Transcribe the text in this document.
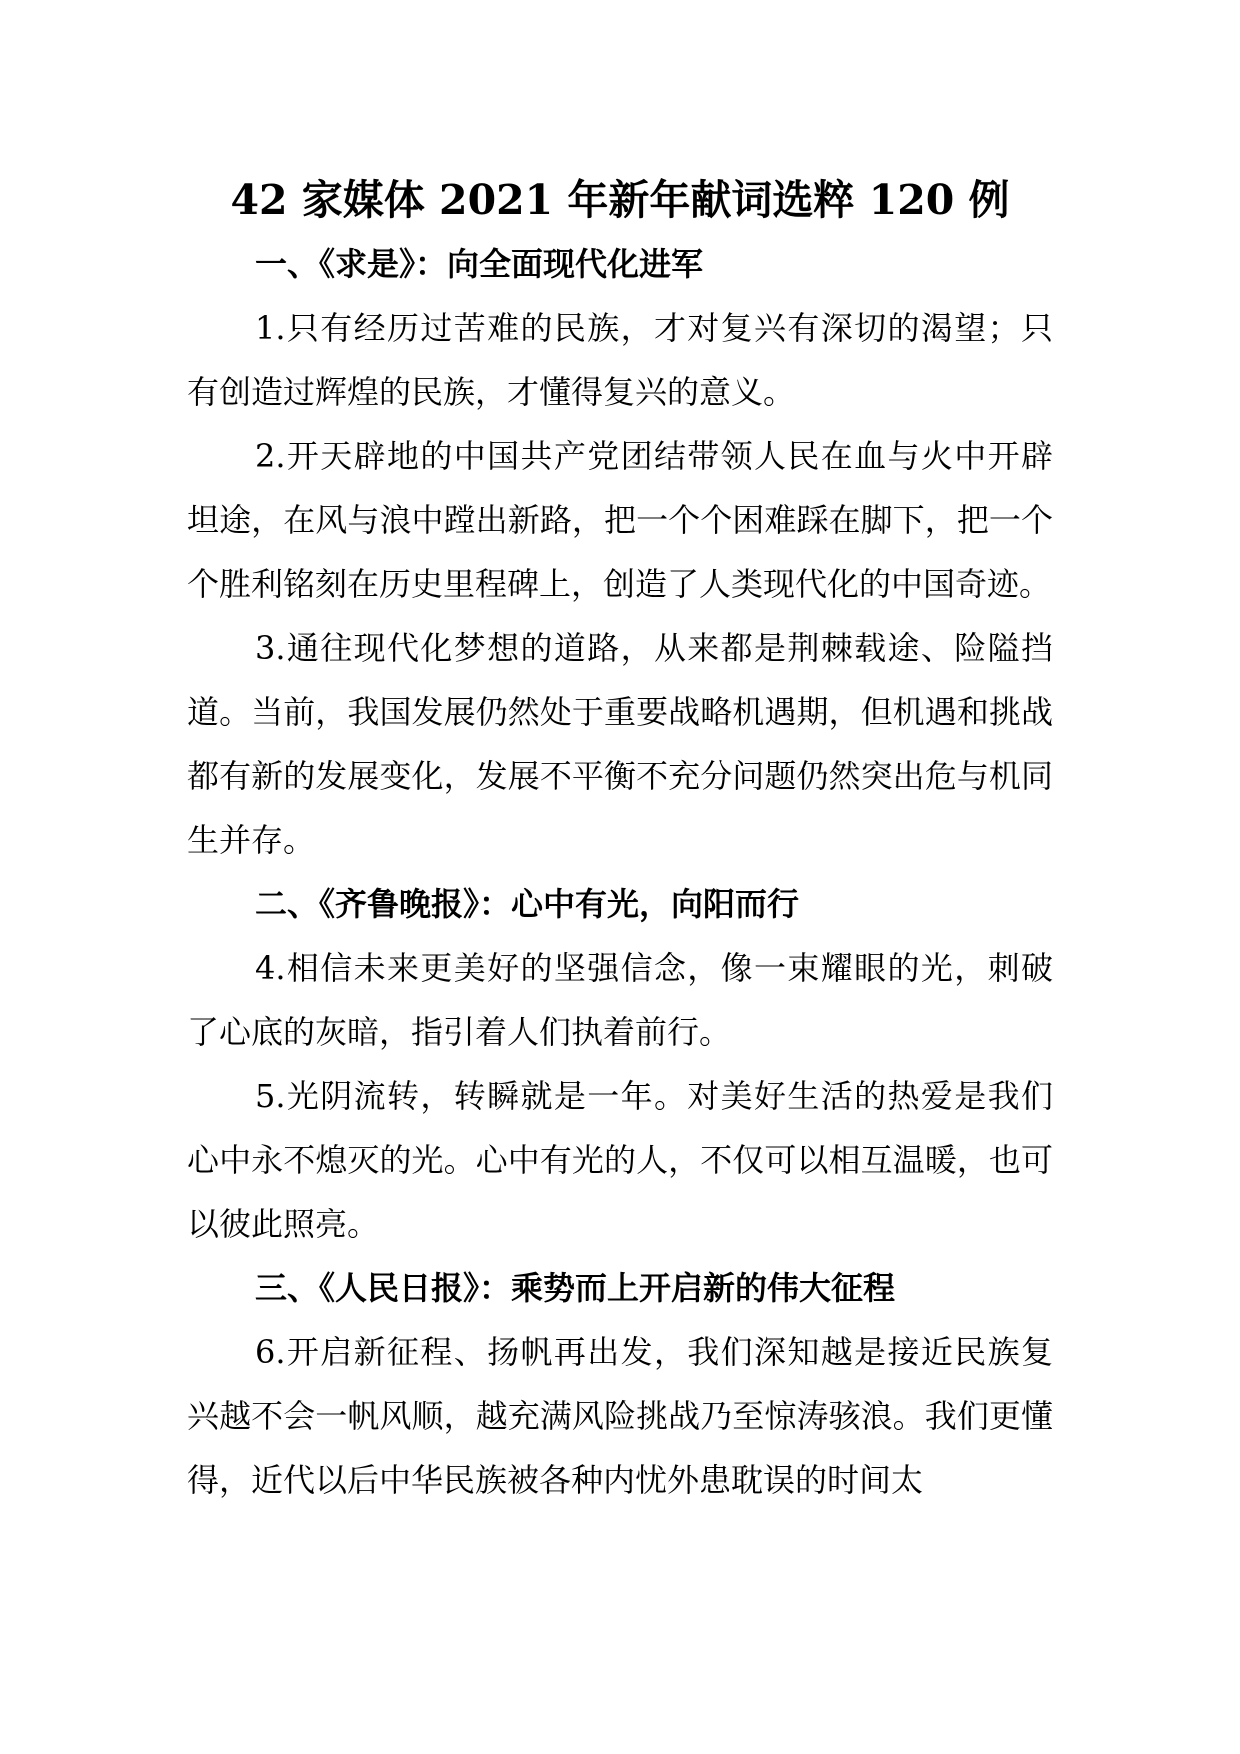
42 家媒体 2021 年新年献词选粹 120 例
一、《求是》：向全面现代化进军

1.只有经历过苦难的民族，才对复兴有深切的渴望；只有创造过辉煌的民族，才懂得复兴的意义。

2.开天辟地的中国共产党团结带领人民在血与火中开辟坦途，在风与浪中蹚出新路，把一个个困难踩在脚下，把一个个胜利铭刻在历史里程碑上，创造了人类现代化的中国奇迹。

3.通往现代化梦想的道路，从来都是荆棘载途、险隘挡道。当前，我国发展仍然处于重要战略机遇期，但机遇和挑战都有新的发展变化，发展不平衡不充分问题仍然突出危与机同生并存。

二、《齐鲁晚报》：心中有光，向阳而行

4.相信未来更美好的坚强信念，像一束耀眼的光，刺破了心底的灰暗，指引着人们执着前行。

5.光阴流转，转瞬就是一年。对美好生活的热爱是我们心中永不熄灭的光。心中有光的人，不仅可以相互温暖，也可以彼此照亮。

三、《人民日报》：乘势而上开启新的伟大征程

6.开启新征程、扬帆再出发，我们深知越是接近民族复兴越不会一帆风顺，越充满风险挑战乃至惊涛骇浪。我们更懂得，近代以后中华民族被各种内忧外患耽误的时间太
